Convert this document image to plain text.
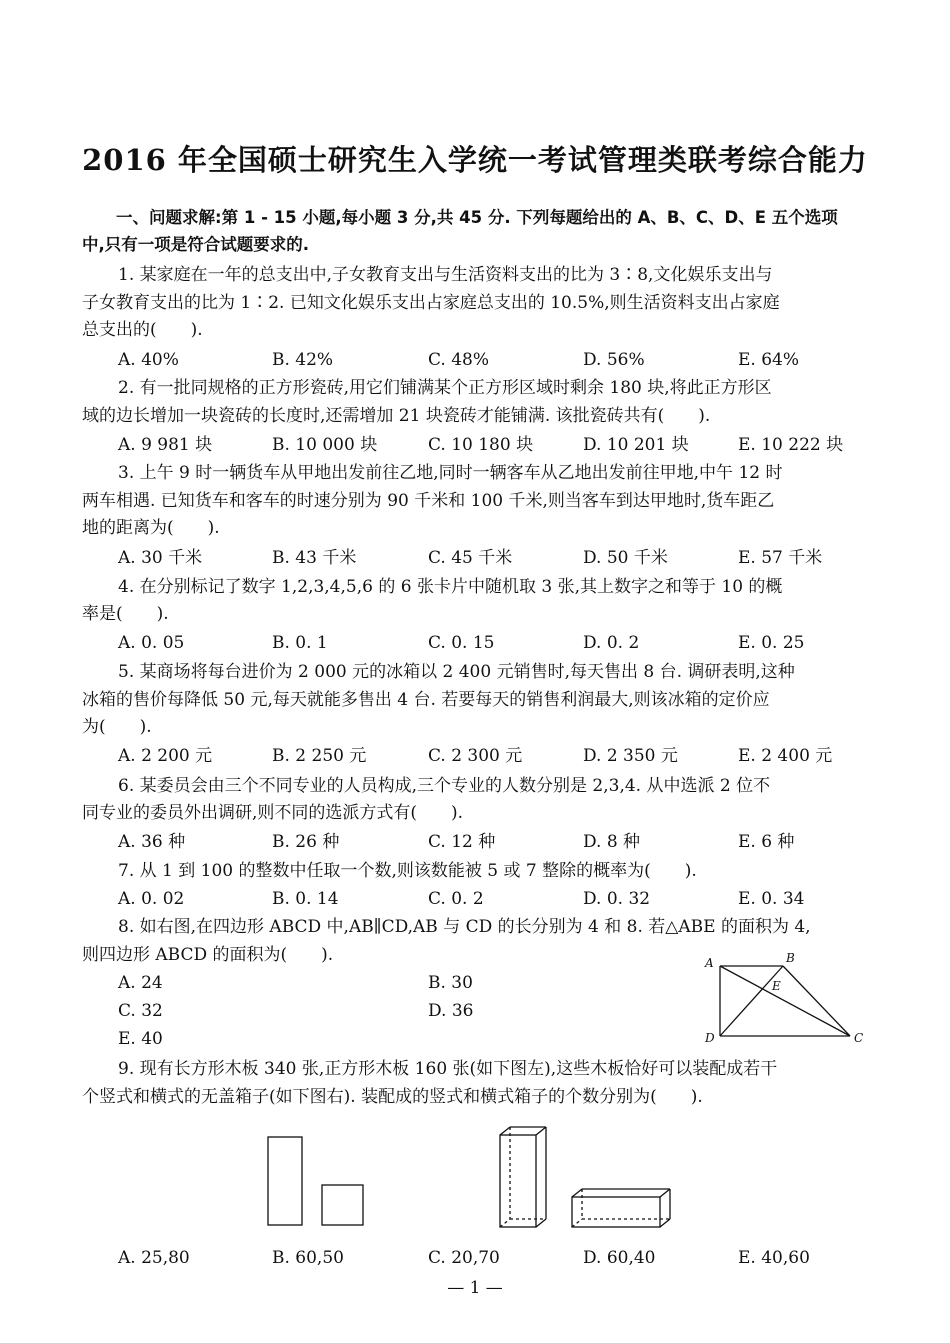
2016 年全国硕士研究生入学统一考试管理类联考综合能力
一、问题求解:第 1 - 15 小题,每小题 3 分,共 45 分. 下列每题给出的 A、B、C、D、E 五个选项
中,只有一项是符合试题要求的.
1. 某家庭在一年的总支出中,子女教育支出与生活资料支出的比为 3∶8,文化娱乐支出与
子女教育支出的比为 1∶2. 已知文化娱乐支出占家庭总支出的 10.5%,则生活资料支出占家庭
总支出的(　　).
A. 40%	B. 42%	C. 48%	D. 56%	E. 64%
2. 有一批同规格的正方形瓷砖,用它们铺满某个正方形区域时剩余 180 块,将此正方形区
域的边长增加一块瓷砖的长度时,还需增加 21 块瓷砖才能铺满. 该批瓷砖共有(　　).
A. 9 981 块	B. 10 000 块	C. 10 180 块	D. 10 201 块	E. 10 222 块
3. 上午 9 时一辆货车从甲地出发前往乙地,同时一辆客车从乙地出发前往甲地,中午 12 时
两车相遇. 已知货车和客车的时速分别为 90 千米和 100 千米,则当客车到达甲地时,货车距乙
地的距离为(　　).
A. 30 千米	B. 43 千米	C. 45 千米	D. 50 千米	E. 57 千米
4. 在分别标记了数字 1,2,3,4,5,6 的 6 张卡片中随机取 3 张,其上数字之和等于 10 的概
率是(　　).
A. 0. 05	B. 0. 1	C. 0. 15	D. 0. 2	E. 0. 25
5. 某商场将每台进价为 2 000 元的冰箱以 2 400 元销售时,每天售出 8 台. 调研表明,这种
冰箱的售价每降低 50 元,每天就能多售出 4 台. 若要每天的销售利润最大,则该冰箱的定价应
为(　　).
A. 2 200 元	B. 2 250 元	C. 2 300 元	D. 2 350 元	E. 2 400 元
6. 某委员会由三个不同专业的人员构成,三个专业的人数分别是 2,3,4. 从中选派 2 位不
同专业的委员外出调研,则不同的选派方式有(　　).
A. 36 种	B. 26 种	C. 12 种	D. 8 种	E. 6 种
7. 从 1 到 100 的整数中任取一个数,则该数能被 5 或 7 整除的概率为(　　).
A. 0. 02	B. 0. 14	C. 0. 2	D. 0. 32	E. 0. 34
8. 如右图,在四边形 ABCD 中,AB∥CD,AB 与 CD 的长分别为 4 和 8. 若△ABE 的面积为 4,
则四边形 ABCD 的面积为(　　).
A. 24	B. 30
C. 32	D. 36
E. 40
A	B
E
D	C
9. 现有长方形木板 340 张,正方形木板 160 张(如下图左),这些木板恰好可以装配成若干
个竖式和横式的无盖箱子(如下图右). 装配成的竖式和横式箱子的个数分别为(　　).
A. 25,80	B. 60,50	C. 20,70	D. 60,40	E. 40,60
— 1 —
